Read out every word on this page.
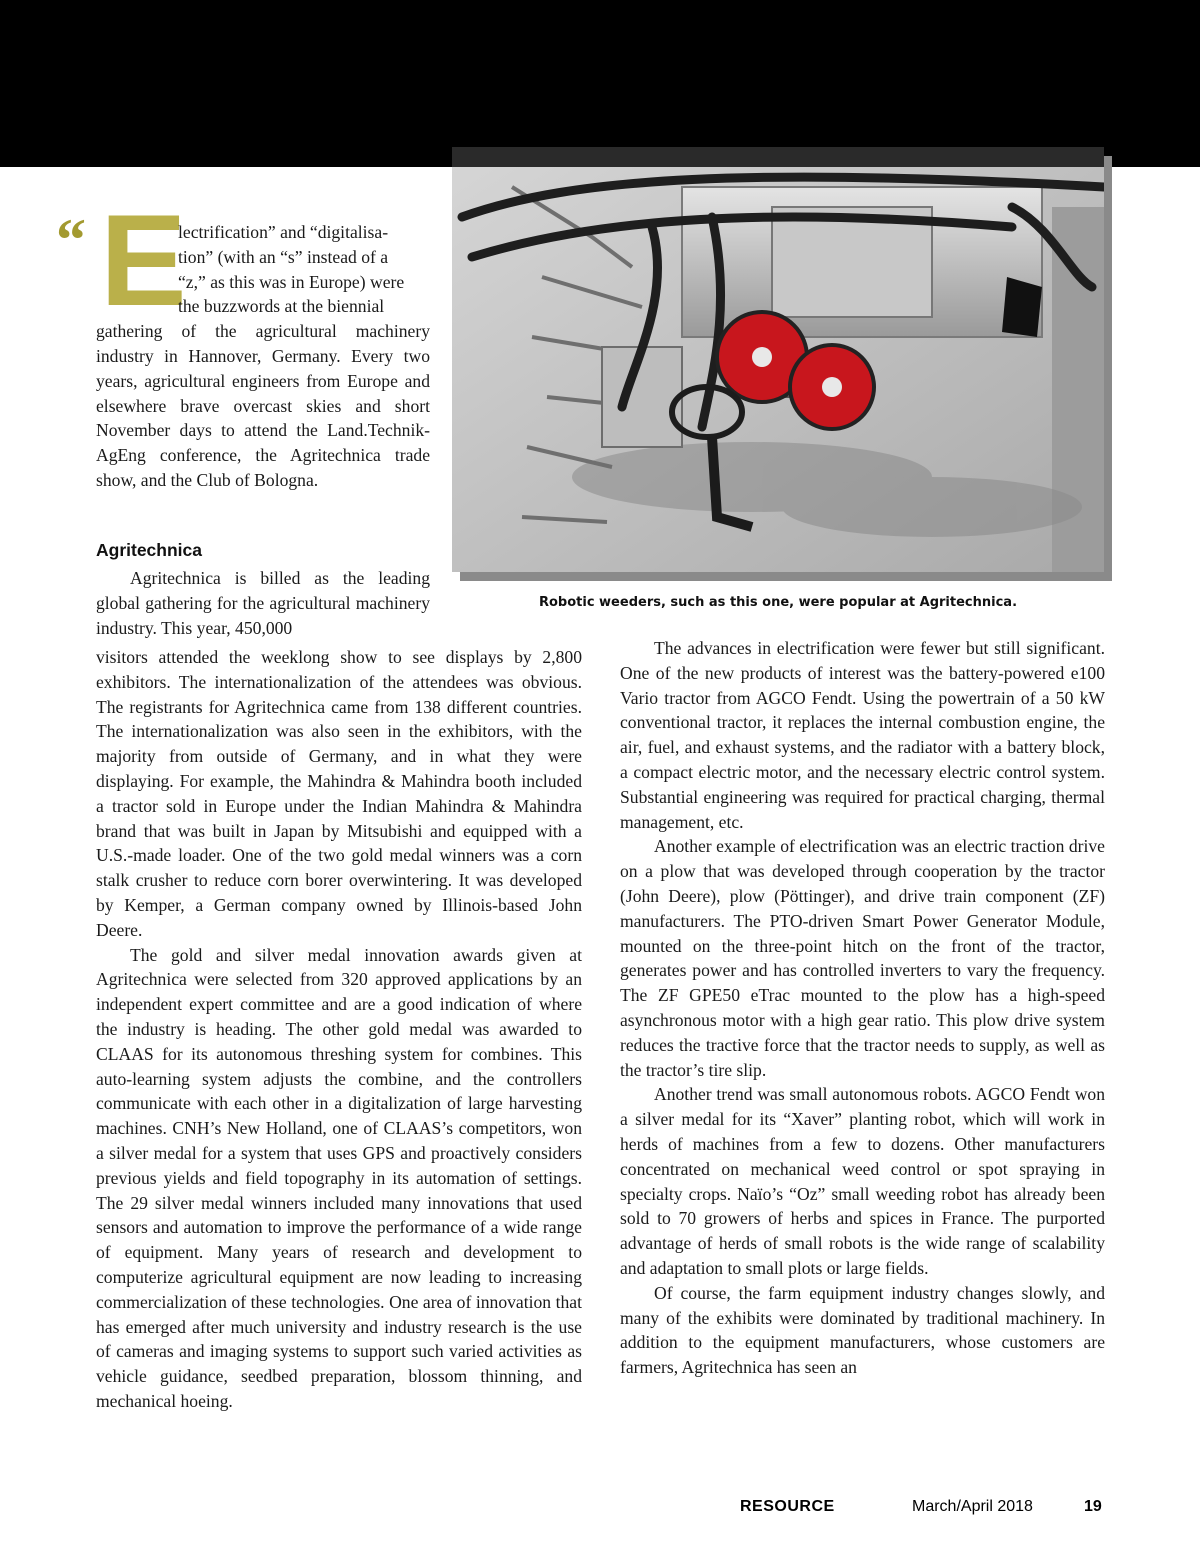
Robotic weeders, such as this one, were popular at Agritechnica.
“ E

lectrification” and “digitalisa-

tion” (with an “s” instead of a

“z,” as this was in Europe) were

the buzzwords at the biennial

gathering of the agricultural machinery industry in Hannover, Germany. Every two years, agricultural engineers from Europe and elsewhere brave overcast skies and short November days to attend the Land.Technik-AgEng conference, the Agritechnica trade show, and the Club of Bologna.

Agritechnica

Agritechnica is billed as the leading global gathering for the agricultural machinery industry. This year, 450,000

visitors attended the weeklong show to see displays by 2,800 exhibitors. The internationalization of the attendees was obvious. The registrants for Agritechnica came from 138 different countries. The internationalization was also seen in the exhibitors, with the majority from outside of Germany, and in what they were displaying. For example, the Mahindra & Mahindra booth included a tractor sold in Europe under the Indian Mahindra & Mahindra brand that was built in Japan by Mitsubishi and equipped with a U.S.-made loader. One of the two gold medal winners was a corn stalk crusher to reduce corn borer overwintering. It was developed by Kemper, a German company owned by Illinois-based John Deere.

The gold and silver medal innovation awards given at Agritechnica were selected from 320 approved applications by an independent expert committee and are a good indication of where the industry is heading. The other gold medal was awarded to CLAAS for its autonomous threshing system for combines. This auto-learning system adjusts the combine, and the controllers communicate with each other in a digitalization of large harvesting machines. CNH’s New Holland, one of CLAAS’s competitors, won a silver medal for a system that uses GPS and proactively considers previous yields and field topography in its automation of settings. The 29 silver medal winners included many innovations that used sensors and automation to improve the performance of a wide range of equipment. Many years of research and development to computerize agricultural equipment are now leading to increasing commercialization of these technologies. One area of innovation that has emerged after much university and industry research is the use of cameras and imaging systems to support such varied activities as vehicle guidance, seedbed preparation, blossom thinning, and mechanical hoeing.

The advances in electrification were fewer but still significant. One of the new products of interest was the battery-powered e100 Vario tractor from AGCO Fendt. Using the powertrain of a 50 kW conventional tractor, it replaces the internal combustion engine, the air, fuel, and exhaust systems, and the radiator with a battery block, a compact electric motor, and the necessary electric control system. Substantial engineering was required for practical charging, thermal management, etc.

Another example of electrification was an electric traction drive on a plow that was developed through cooperation by the tractor (John Deere), plow (Pöttinger), and drive train component (ZF) manufacturers. The PTO-driven Smart Power Generator Module, mounted on the three-point hitch on the front of the tractor, generates power and has controlled inverters to vary the frequency. The ZF GPE50 eTrac mounted to the plow has a high-speed asynchronous motor with a high gear ratio. This plow drive system reduces the tractive force that the tractor needs to supply, as well as the tractor’s tire slip.

Another trend was small autonomous robots. AGCO Fendt won a silver medal for its “Xaver” planting robot, which will work in herds of machines from a few to dozens. Other manufacturers concentrated on mechanical weed control or spot spraying in specialty crops. Naïo’s “Oz” small weeding robot has already been sold to 70 growers of herbs and spices in France. The purported advantage of herds of small robots is the wide range of scalability and adaptation to small plots or large fields.

Of course, the farm equipment industry changes slowly, and many of the exhibits were dominated by traditional machinery. In addition to the equipment manufacturers, whose customers are farmers, Agritechnica has seen an

RESOURCE	March/April 2018	19
